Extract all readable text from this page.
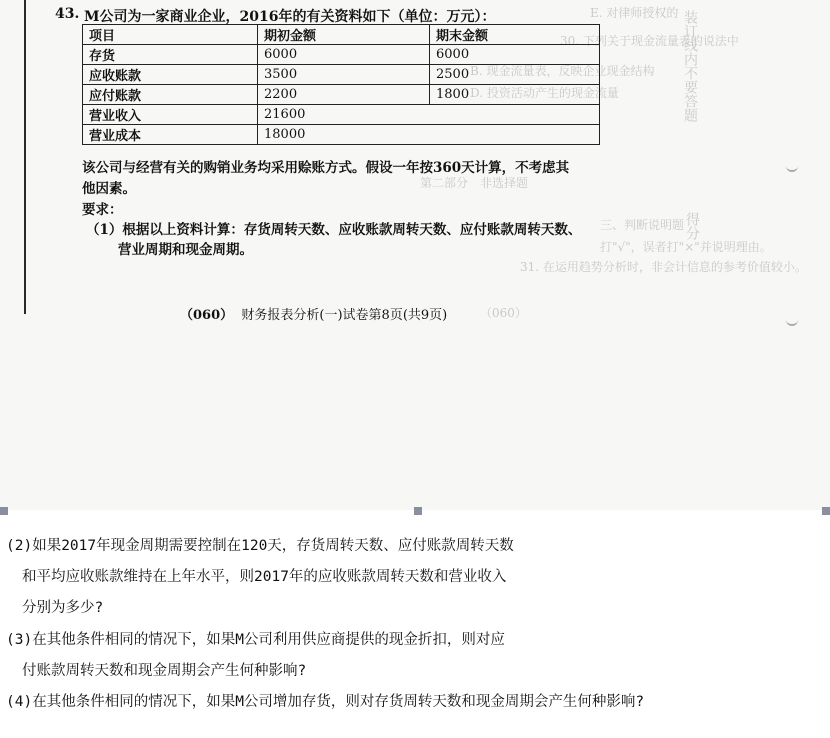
E. 对律师授权的
30. 下列关于现金流量表的说法中
B. 现金流量表，反映企业现金结构
D. 投资活动产生的现金流量
第二部分　非选择题
三、判断说明题
打"√"，误者打"×"并说明理由。
31. 在运用趋势分析时，非会计信息的参考价值较小。
（060）
装订线内不要答题
得分
43. M公司为一家商业企业，2016年的有关资料如下（单位：万元）：
项目	期初金额	期末金额
存货	6000	6000
应收账款	3500	2500
应付账款	2200	1800
营业收入	21600	
营业成本	18000	
该公司与经营有关的购销业务均采用赊账方式。假设一年按360天计算，不考虑其
他因素。
要求：
（1）根据以上资料计算：存货周转天数、应收账款周转天数、应付账款周转天数、
营业周期和现金周期。
（060） 财务报表分析(一)试卷第8页(共9页)
(2)如果2017年现金周期需要控制在120天，存货周转天数、应付账款周转天数
和平均应收账款维持在上年水平，则2017年的应收账款周转天数和营业收入
分别为多少?
(3)在其他条件相同的情况下，如果M公司利用供应商提供的现金折扣，则对应
付账款周转天数和现金周期会产生何种影响?
(4)在其他条件相同的情况下，如果M公司增加存货，则对存货周转天数和现金周期会产生何种影响?
